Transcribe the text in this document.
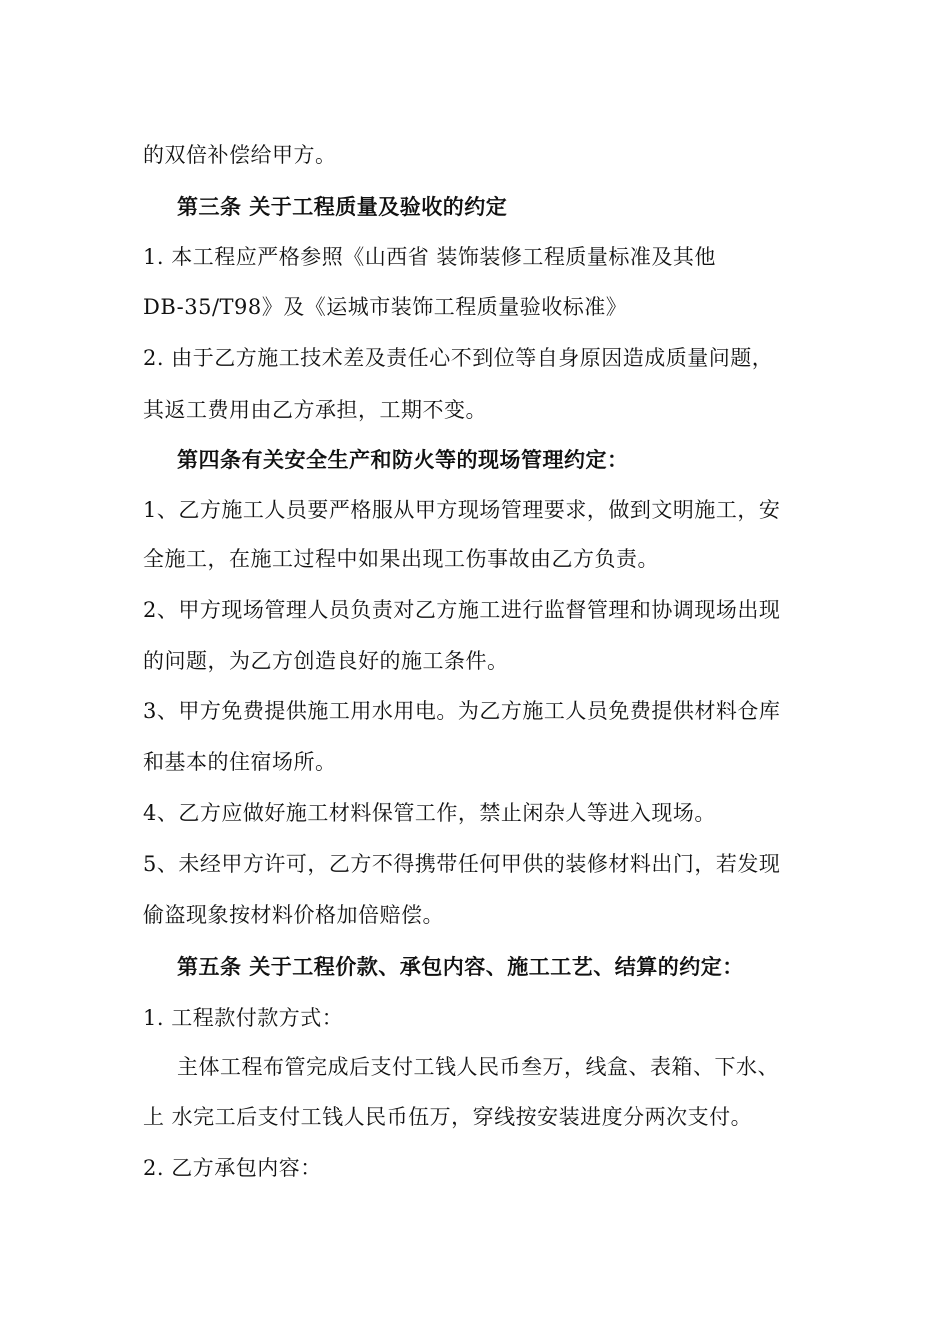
的双倍补偿给甲方。
第三条 关于工程质量及验收的约定
1. 本工程应严格参照《山西省 装饰装修工程质量标准及其他
DB-35/T98》及《运城市装饰工程质量验收标准》
2. 由于乙方施工技术差及责任心不到位等自身原因造成质量问题，
其返工费用由乙方承担，工期不变。
第四条有关安全生产和防火等的现场管理约定：
1、乙方施工人员要严格服从甲方现场管理要求，做到文明施工，安
全施工，在施工过程中如果出现工伤事故由乙方负责。
2、甲方现场管理人员负责对乙方施工进行监督管理和协调现场出现
的问题，为乙方创造良好的施工条件。
3、甲方免费提供施工用水用电。为乙方施工人员免费提供材料仓库
和基本的住宿场所。
4、乙方应做好施工材料保管工作，禁止闲杂人等进入现场。
5、未经甲方许可，乙方不得携带任何甲供的装修材料出门，若发现
偷盗现象按材料价格加倍赔偿。
第五条 关于工程价款、承包内容、施工工艺、结算的约定：
1. 工程款付款方式：
主体工程布管完成后支付工钱人民币叁万，线盒、表箱、下水、
上 水完工后支付工钱人民币伍万，穿线按安装进度分两次支付。
2. 乙方承包内容：
